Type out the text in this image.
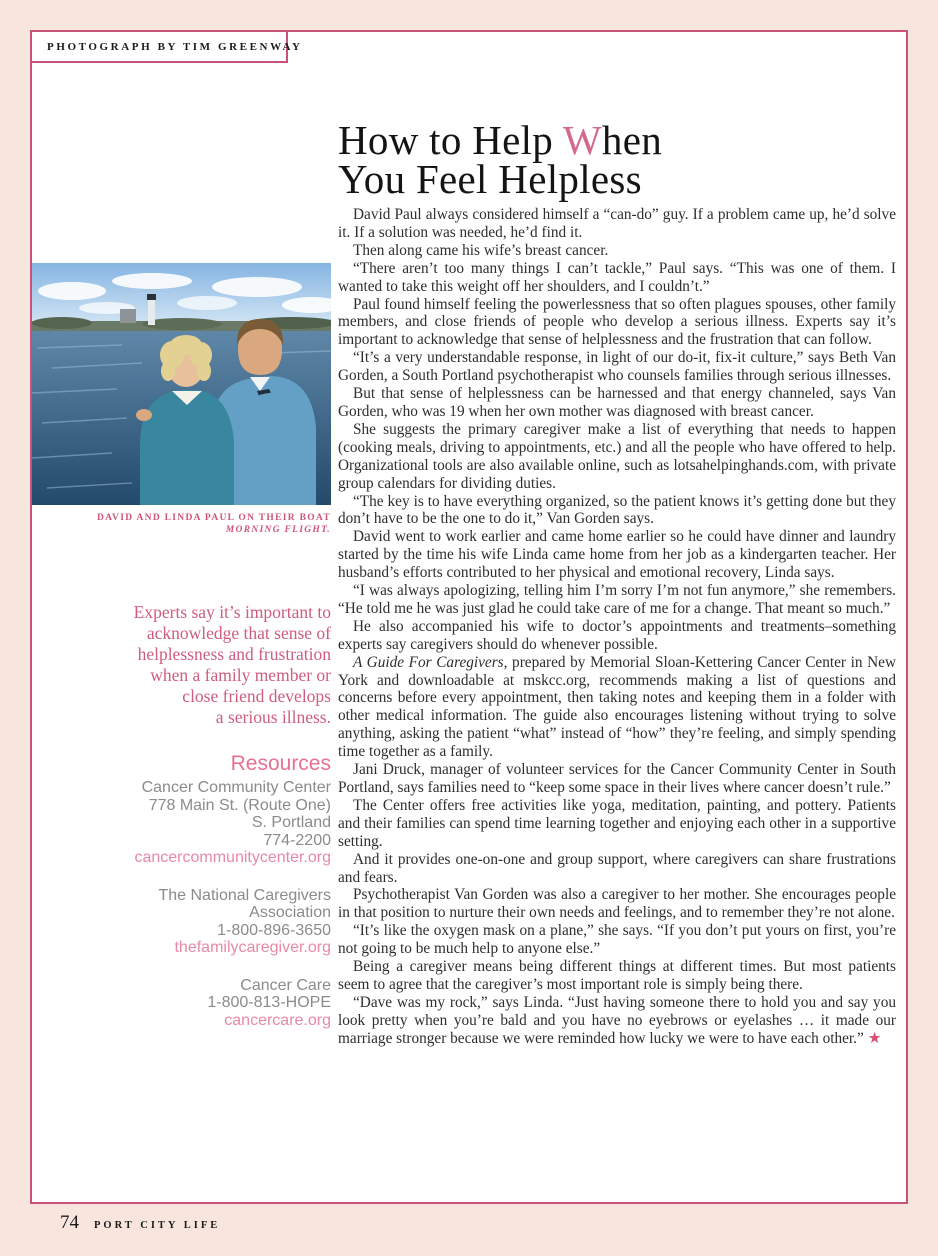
PHOTOGRAPH BY TIM GREENWAY
DAVID AND LINDA PAUL ON THEIR BOAT
MORNING FLIGHT.
Experts say it’s important to
acknowledge that sense of
helplessness and frustration
when a family member or
close friend develops
a serious illness.
Resources
Cancer Community Center
778 Main St. (Route One)
S. Portland
774-2200
cancercommunitycenter.org
The National Caregivers
Association
1-800-896-3650
thefamilycaregiver.org
Cancer Care
1-800-813-HOPE
cancercare.org
How to Help When
You Feel Helpless

David Paul always considered himself a “can-do” guy. If a problem came up, he’d solve it. If a solution was needed, he’d find it.

Then along came his wife’s breast cancer.

“There aren’t too many things I can’t tackle,” Paul says. “This was one of them. I wanted to take this weight off her shoulders, and I couldn’t.”

Paul found himself feeling the powerlessness that so often plagues spouses, other family members, and close friends of people who develop a serious illness. Experts say it’s important to acknowledge that sense of helplessness and the frustration that can follow.

“It’s a very understandable response, in light of our do-it, fix-it culture,” says Beth Van Gorden, a South Portland psychotherapist who counsels families through serious illnesses.

But that sense of helplessness can be harnessed and that energy channeled, says Van Gorden, who was 19 when her own mother was diagnosed with breast cancer.

She suggests the primary caregiver make a list of everything that needs to happen (cooking meals, driving to appointments, etc.) and all the people who have offered to help. Organizational tools are also available online, such as lotsahelpinghands.com, with private group calendars for dividing duties.

“The key is to have everything organized, so the patient knows it’s getting done but they don’t have to be the one to do it,” Van Gorden says.

David went to work earlier and came home earlier so he could have dinner and laundry started by the time his wife Linda came home from her job as a kindergarten teacher. Her husband’s efforts contributed to her physical and emotional recovery, Linda says.

“I was always apologizing, telling him I’m sorry I’m not fun anymore,” she remembers. “He told me he was just glad he could take care of me for a change. That meant so much.”

He also accompanied his wife to doctor’s appointments and treatments–something experts say caregivers should do whenever possible.

A Guide For Caregivers, prepared by Memorial Sloan-Kettering Cancer Center in New York and downloadable at mskcc.org, recommends making a list of questions and concerns before every appointment, then taking notes and keeping them in a folder with other medical information. The guide also encourages listening without trying to solve anything, asking the patient “what” instead of “how” they’re feeling, and simply spending time together as a family.

Jani Druck, manager of volunteer services for the Cancer Community Center in South Portland, says families need to “keep some space in their lives where cancer doesn’t rule.”

The Center offers free activities like yoga, meditation, painting, and pottery. Patients and their families can spend time learning together and enjoying each other in a supportive setting.

And it provides one-on-one and group support, where caregivers can share frustrations and fears.

Psychotherapist Van Gorden was also a caregiver to her mother. She encourages people in that position to nurture their own needs and feelings, and to remember they’re not alone.

“It’s like the oxygen mask on a plane,” she says. “If you don’t put yours on first, you’re not going to be much help to anyone else.”

Being a caregiver means being different things at different times. But most patients seem to agree that the caregiver’s most important role is simply being there.

“Dave was my rock,” says Linda. “Just having someone there to hold you and say you look pretty when you’re bald and you have no eyebrows or eyelashes … it made our marriage stronger because we were reminded how lucky we were to have each other.” ★

74 PORT CITY LIFE
